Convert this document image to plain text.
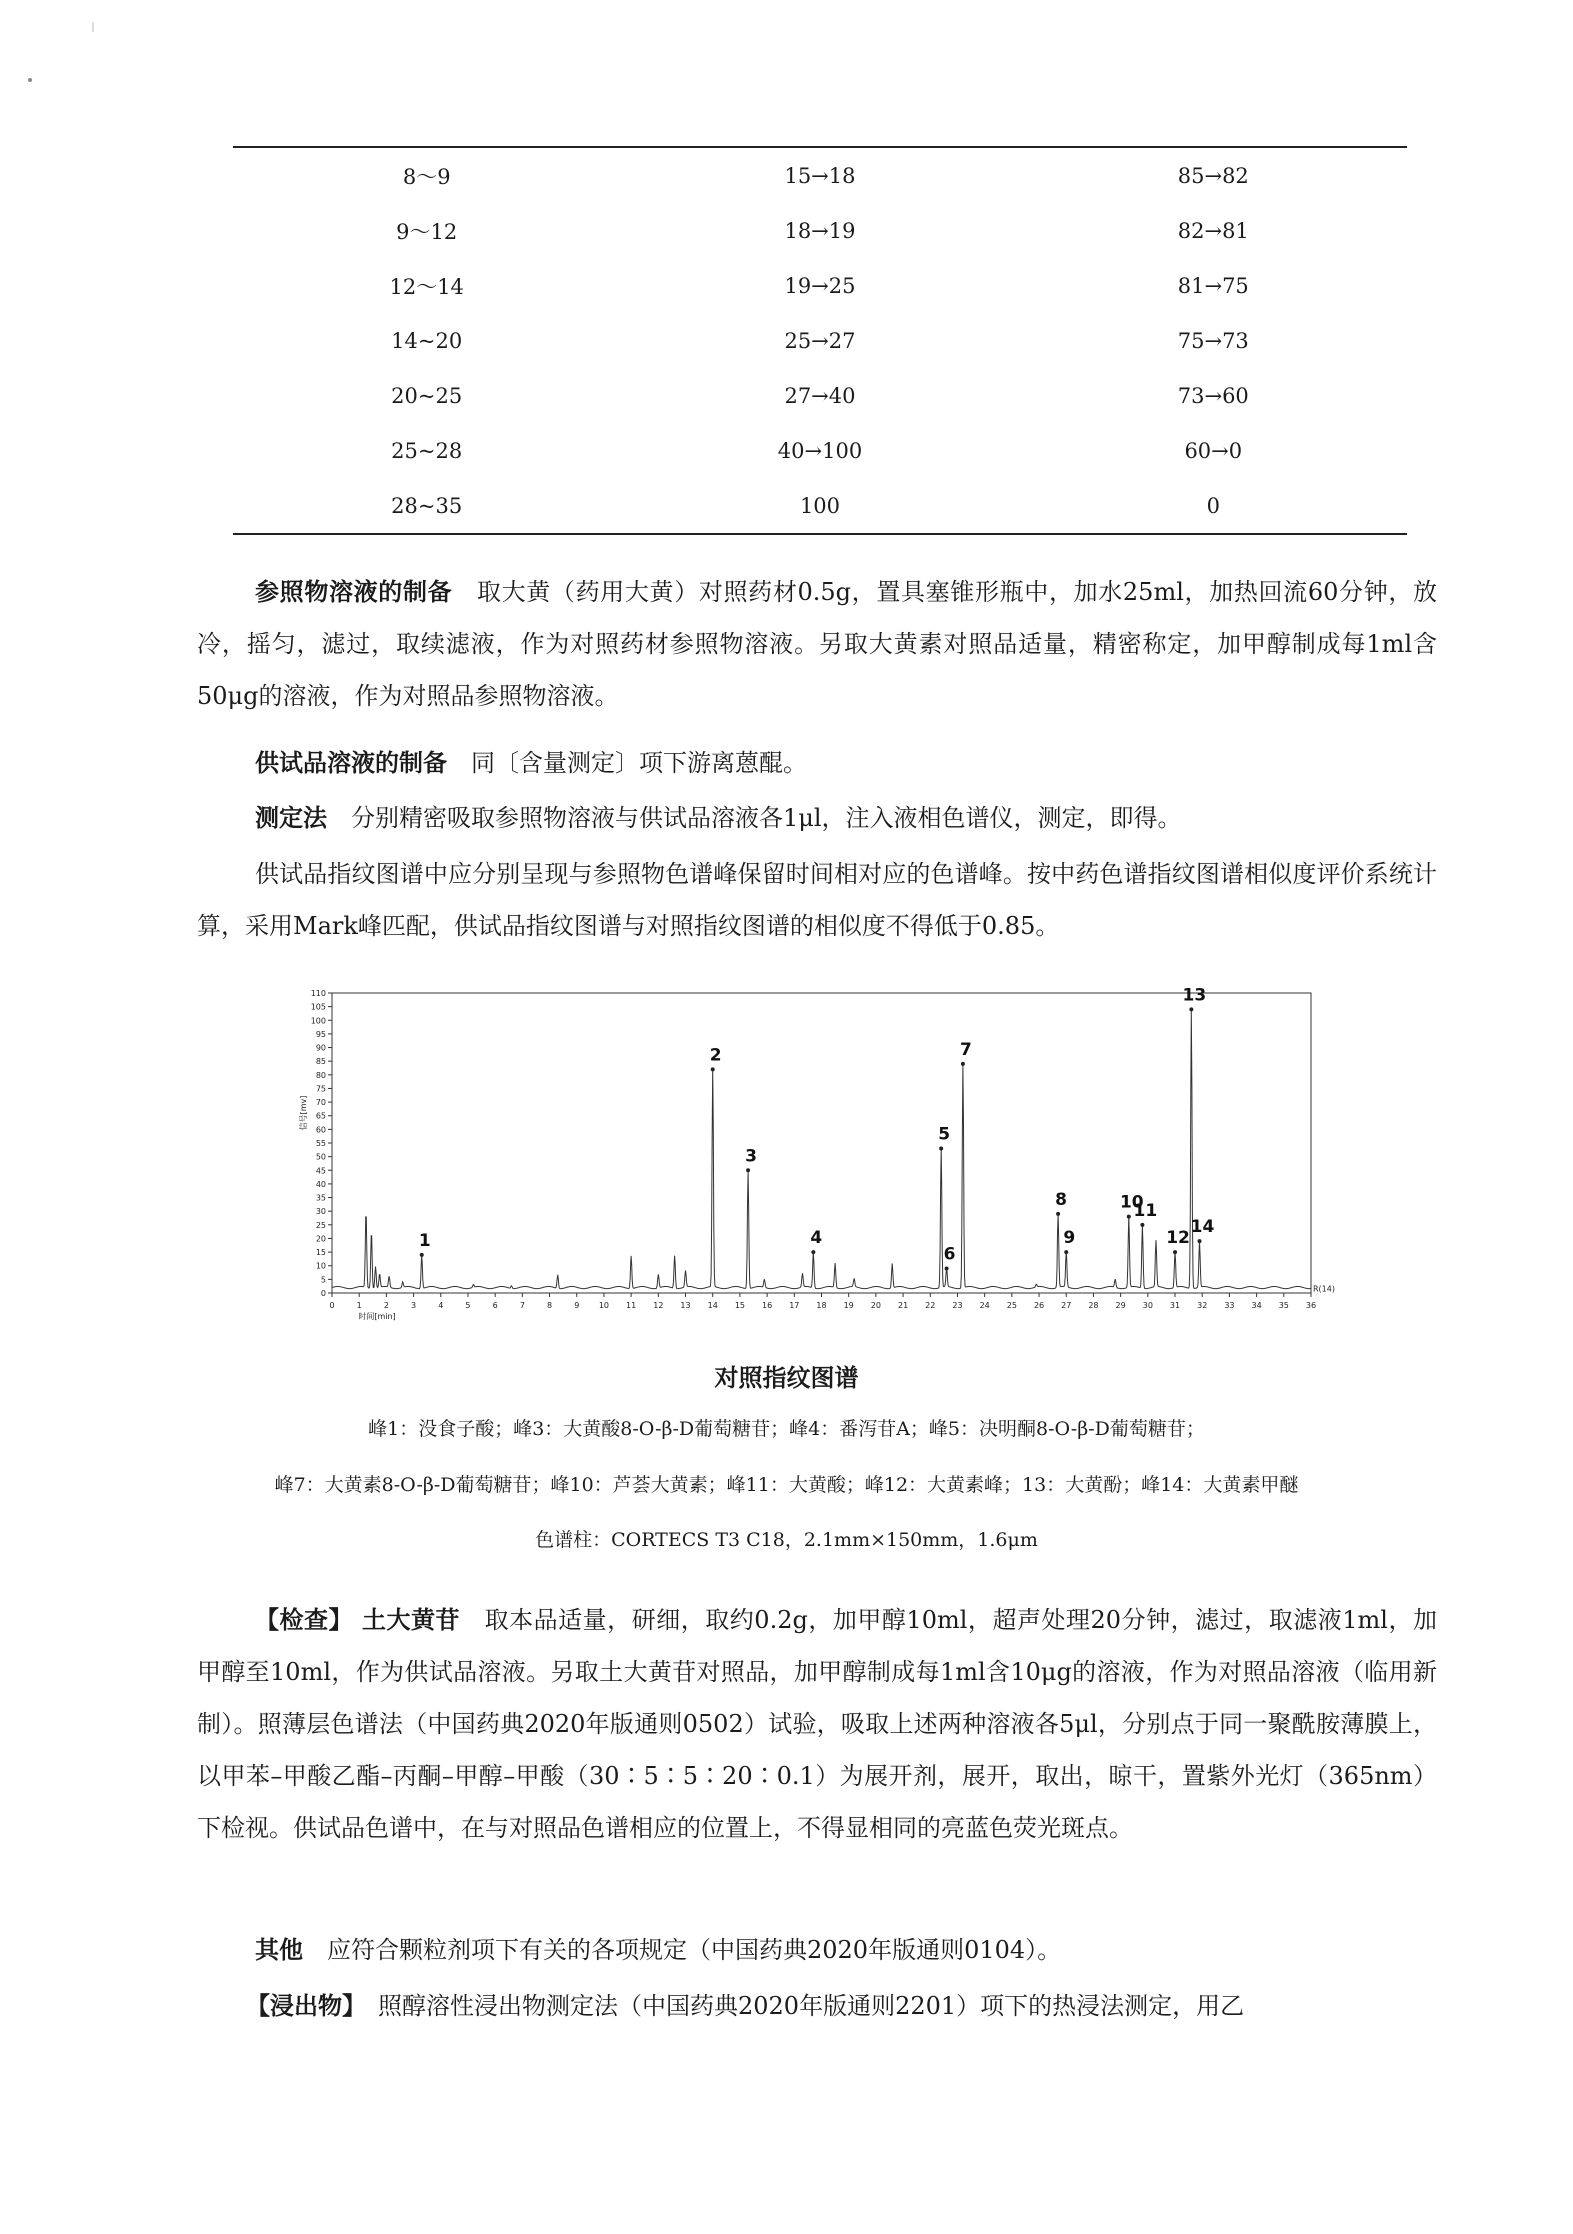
8～9	15→18	85→82
9～12	18→19	82→81
12～14	19→25	81→75
14~20	25→27	75→73
20~25	27→40	73→60
25~28	40→100	60→0
28~35	100	0
参照物溶液的制备　 取大黄（药用大黄）对照药材0.5g，置具塞锥形瓶中，加水25ml，加热回流60分钟，放冷，摇匀，滤过，取续滤液，作为对照药材参照物溶液。另取大黄素对照品适量，精密称定，加甲醇制成每1ml含50μg的溶液，作为对照品参照物溶液。
供试品溶液的制备　 同〔含量测定〕项下游离蒽醌。
测定法　 分别精密吸取参照物溶液与供试品溶液各1μl，注入液相色谱仪，测定，即得。
供试品指纹图谱中应分别呈现与参照物色谱峰保留时间相对应的色谱峰。按中药色谱指纹图谱相似度评价系统计算，采用Mark峰匹配，供试品指纹图谱与对照指纹图谱的相似度不得低于0.85。
0
5
10
15
20
25
30
35
40
45
50
55
60
65
70
75
80
85
90
95
100
105
110
0	1	2	3	4	5	6	7	8	9 10 11 12 13 14 15 16 17 18 19 20 21 22 23 24 25 26 27 28 29 30 31 32 33 34 35 36
信号[mv]
时间[min]
R(14)
1
2
3
4
5
6
7
8
9
10
11
12
13
14
对照指纹图谱
峰1：没食子酸；峰3：大黄酸8-O-β-D葡萄糖苷；峰4：番泻苷A；峰5：决明酮8-O-β-D葡萄糖苷；
峰7：大黄素8-O-β-D葡萄糖苷；峰10：芦荟大黄素；峰11：大黄酸；峰12：大黄素峰；13：大黄酚；峰14：大黄素甲醚
色谱柱：CORTECS T3 C18，2.1mm×150mm，1.6μm
【检查】 土大黄苷　 取本品适量，研细，取约0.2g，加甲醇10ml，超声处理20分钟，滤过，取滤液1ml，加甲醇至10ml，作为供试品溶液。另取土大黄苷对照品，加甲醇制成每1ml含10μg的溶液，作为对照品溶液（临用新制）。照薄层色谱法（中国药典2020年版通则0502）试验，吸取上述两种溶液各5μl，分别点于同一聚酰胺薄膜上，以甲苯–甲酸乙酯–丙酮–甲醇–甲酸（30∶5∶5∶20∶0.1）为展开剂，展开，取出，晾干，置紫外光灯（365nm）下检视。供试品色谱中，在与对照品色谱相应的位置上，不得显相同的亮蓝色荧光斑点。
其他　 应符合颗粒剂项下有关的各项规定（中国药典2020年版通则0104）。
【浸出物】　 照醇溶性浸出物测定法（中国药典2020年版通则2201）项下的热浸法测定，用乙
